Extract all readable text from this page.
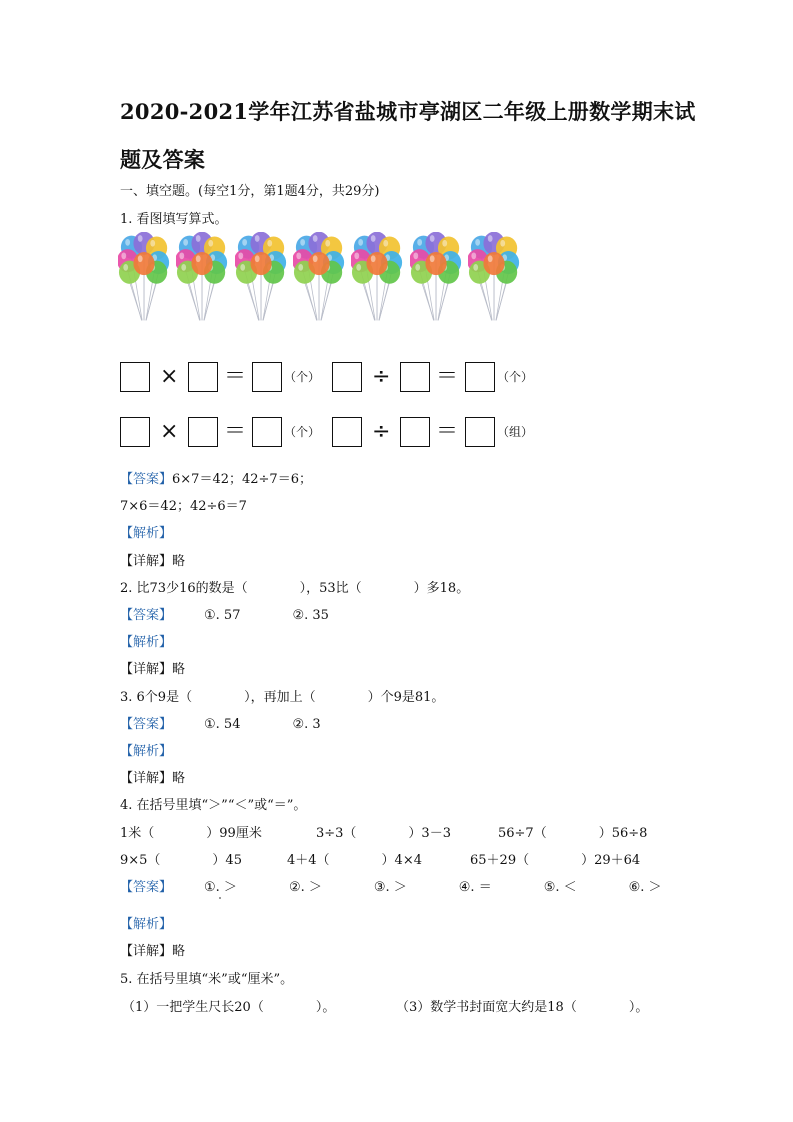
2020-2021学年江苏省盐城市亭湖区二年级上册数学期末试题及答案
一、填空题。(每空1分，第1题4分，共29分)
1. 看图填写算式。
× ＝	（个） ÷ ＝	（个）
× ＝	（个） ÷ ＝	（组）
【答案】6×7＝42；42÷7＝6；
7×6＝42；42÷6＝7
【解析】
【详解】略
2. 比73少16的数是（　　　　），53比（　　　　）多18。
【答案】 ①. 57	②. 35
【解析】
【详解】略
3. 6个9是（　　　　），再加上（　　　　）个9是81。
【答案】 ①. 54	②. 3
【解析】
【详解】略
4. 在括号里填“＞”“＜”或“＝”。
1米（　　　　）99厘米	3÷3（　　　　）3－3	56÷7（　　　　）56÷8
9×5（　　　　）45	4＋4（　　　　）4×4	65＋29（　　　　）29＋64
【答案】 ①. ＞	②. ＞	③. ＞	④. ＝	⑤. ＜	⑥. ＞
【解析】
【详解】略
5. 在括号里填“米”或“厘米”。
（1）一把学生尺长20（　　　　）。	（3）数学书封面宽大约是18（　　　　）。
